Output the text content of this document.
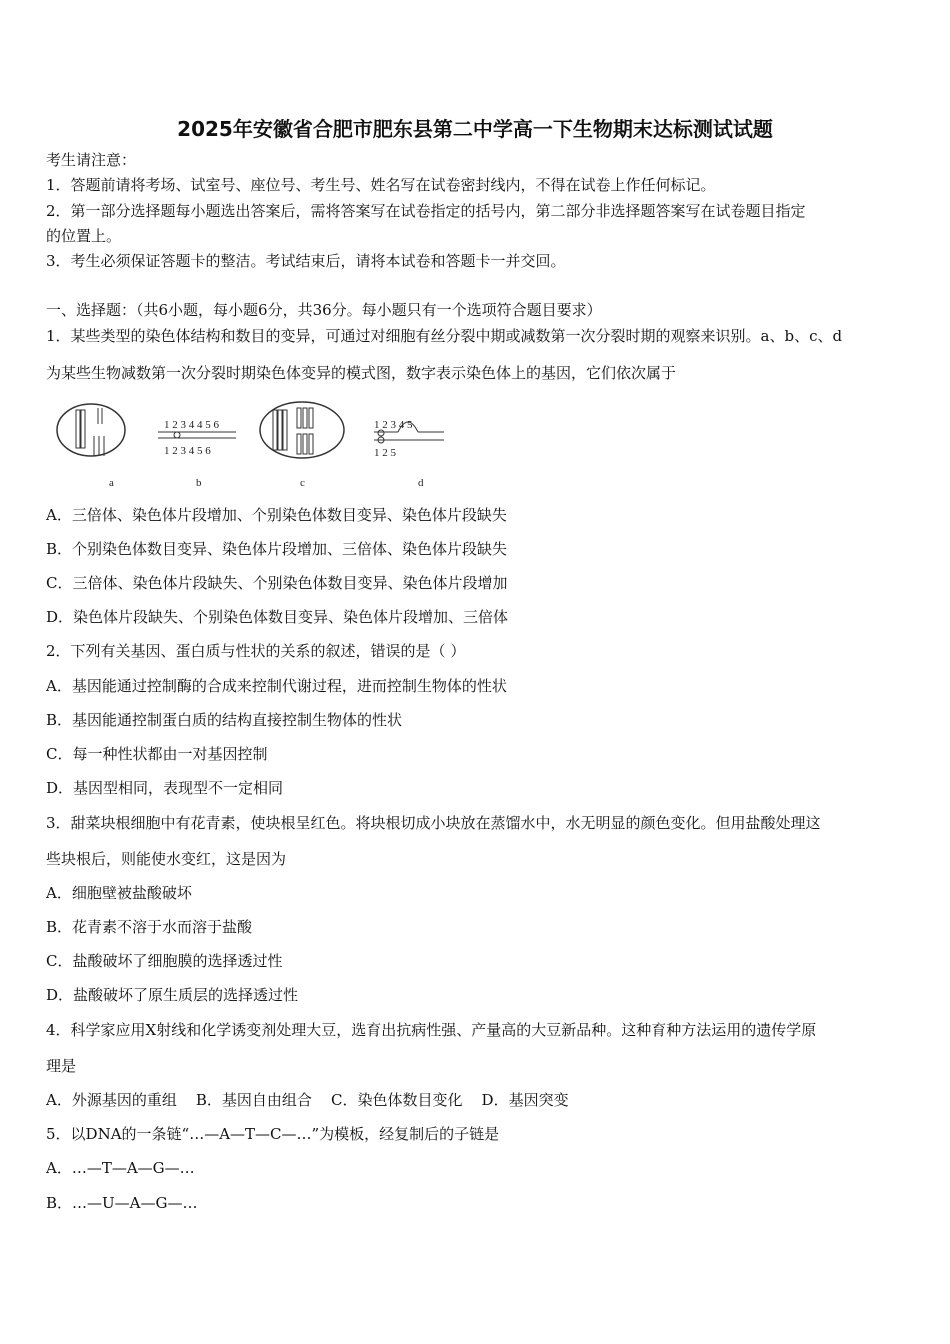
2025年安徽省合肥市肥东县第二中学高一下生物期末达标测试试题
考生请注意：
1．答题前请将考场、试室号、座位号、考生号、姓名写在试卷密封线内，不得在试卷上作任何标记。
2．第一部分选择题每小题选出答案后，需将答案写在试卷指定的括号内，第二部分非选择题答案写在试卷题目指定
的位置上。
3．考生必须保证答题卡的整洁。考试结束后，请将本试卷和答题卡一并交回。
一、选择题：（共6小题，每小题6分，共36分。每小题只有一个选项符合题目要求）
1．某些类型的染色体结构和数目的变异，可通过对细胞有丝分裂中期或减数第一次分裂时期的观察来识别。a、b、c、d
为某些生物减数第一次分裂时期染色体变异的模式图，数字表示染色体上的基因，它们依次属于
1 2 3 4 4 5 6
1 2 3 4 5 6
1 2 3 4 5
1 2 5
a	b	c	d
A．三倍体、染色体片段增加、个别染色体数目变异、染色体片段缺失
B．个别染色体数目变异、染色体片段增加、三倍体、染色体片段缺失
C．三倍体、染色体片段缺失、个别染色体数目变异、染色体片段增加
D．染色体片段缺失、个别染色体数目变异、染色体片段增加、三倍体
2．下列有关基因、蛋白质与性状的关系的叙述，错误的是（ ）
A．基因能通过控制酶的合成来控制代谢过程，进而控制生物体的性状
B．基因能通控制蛋白质的结构直接控制生物体的性状
C．每一种性状都由一对基因控制
D．基因型相同，表现型不一定相同
3．甜菜块根细胞中有花青素，使块根呈红色。将块根切成小块放在蒸馏水中，水无明显的颜色变化。但用盐酸处理这
些块根后，则能使水变红，这是因为
A．细胞壁被盐酸破坏
B．花青素不溶于水而溶于盐酸
C．盐酸破坏了细胞膜的选择透过性
D．盐酸破坏了原生质层的选择透过性
4．科学家应用X射线和化学诱变剂处理大豆，选育出抗病性强、产量高的大豆新品种。这种育种方法运用的遗传学原
理是
A．外源基因的重组    B．基因自由组合    C．染色体数目变化    D．基因突变
5．以DNA的一条链“…—A—T—C—…”为模板，经复制后的子链是
A．…—T—A—G—…
B．…—U—A—G—…
